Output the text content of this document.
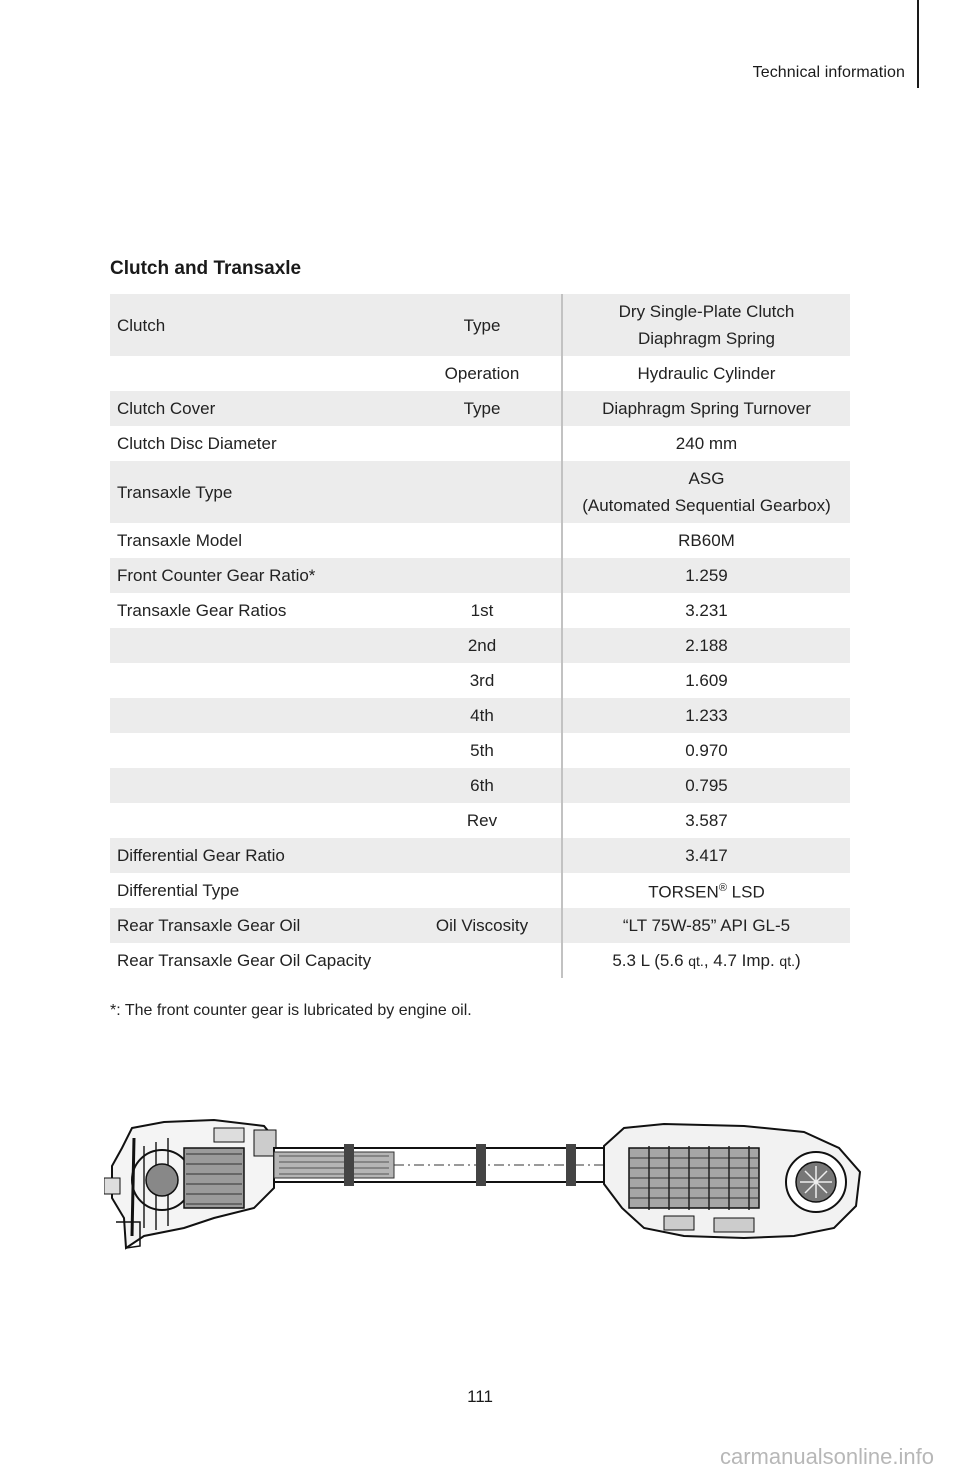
Technical information
Clutch and Transaxle
Clutch	Type	Dry Single-Plate Clutch
Diaphragm Spring
	Operation	Hydraulic Cylinder
Clutch Cover	Type	Diaphragm Spring Turnover
Clutch Disc Diameter		240 mm
Transaxle Type		ASG
(Automated Sequential Gearbox)
Transaxle Model		RB60M
Front Counter Gear Ratio*		1.259
Transaxle Gear Ratios	1st	3.231
	2nd	2.188
	3rd	1.609
	4th	1.233
	5th	0.970
	6th	0.795
	Rev	3.587
Differential Gear Ratio		3.417
Differential Type		TORSEN® LSD
Rear Transaxle Gear Oil	Oil Viscosity	“LT 75W-85” API GL-5
Rear Transaxle Gear Oil Capacity		5.3 L (5.6 qt., 4.7 Imp. qt.)
*: The front counter gear is lubricated by engine oil.
111
carmanualsonline.info
